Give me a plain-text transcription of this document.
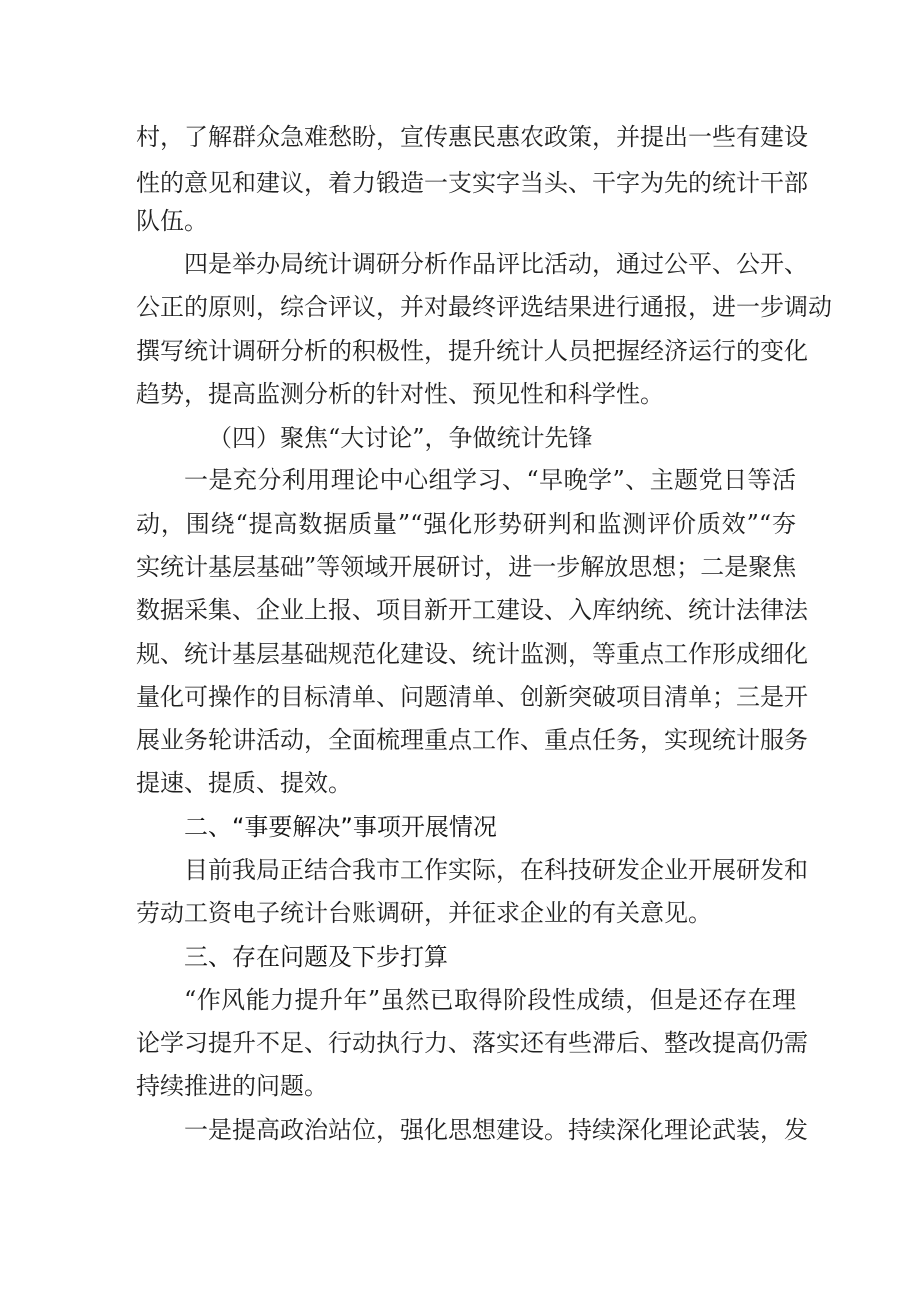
村，了解群众急难愁盼，宣传惠民惠农政策，并提出一些有建设
性的意见和建议，着力锻造一支实字当头、干字为先的统计干部
队伍。
四是举办局统计调研分析作品评比活动，通过公平、公开、
公正的原则，综合评议，并对最终评选结果进行通报，进一步调动
撰写统计调研分析的积极性，提升统计人员把握经济运行的变化
趋势，提高监测分析的针对性、预见性和科学性。
（四）聚焦“大讨论”，争做统计先锋
一是充分利用理论中心组学习、“早晚学”、主题党日等活
动，围绕“提高数据质量”“强化形势研判和监测评价质效”“夯
实统计基层基础”等领域开展研讨，进一步解放思想；二是聚焦
数据采集、企业上报、项目新开工建设、入库纳统、统计法律法
规、统计基层基础规范化建设、统计监测，等重点工作形成细化
量化可操作的目标清单、问题清单、创新突破项目清单；三是开
展业务轮讲活动，全面梳理重点工作、重点任务，实现统计服务
提速、提质、提效。
二、“事要解决”事项开展情况
目前我局正结合我市工作实际，在科技研发企业开展研发和
劳动工资电子统计台账调研，并征求企业的有关意见。
三、存在问题及下步打算
“作风能力提升年”虽然已取得阶段性成绩，但是还存在理
论学习提升不足、行动执行力、落实还有些滞后、整改提高仍需
持续推进的问题。
一是提高政治站位，强化思想建设。持续深化理论武装，发
